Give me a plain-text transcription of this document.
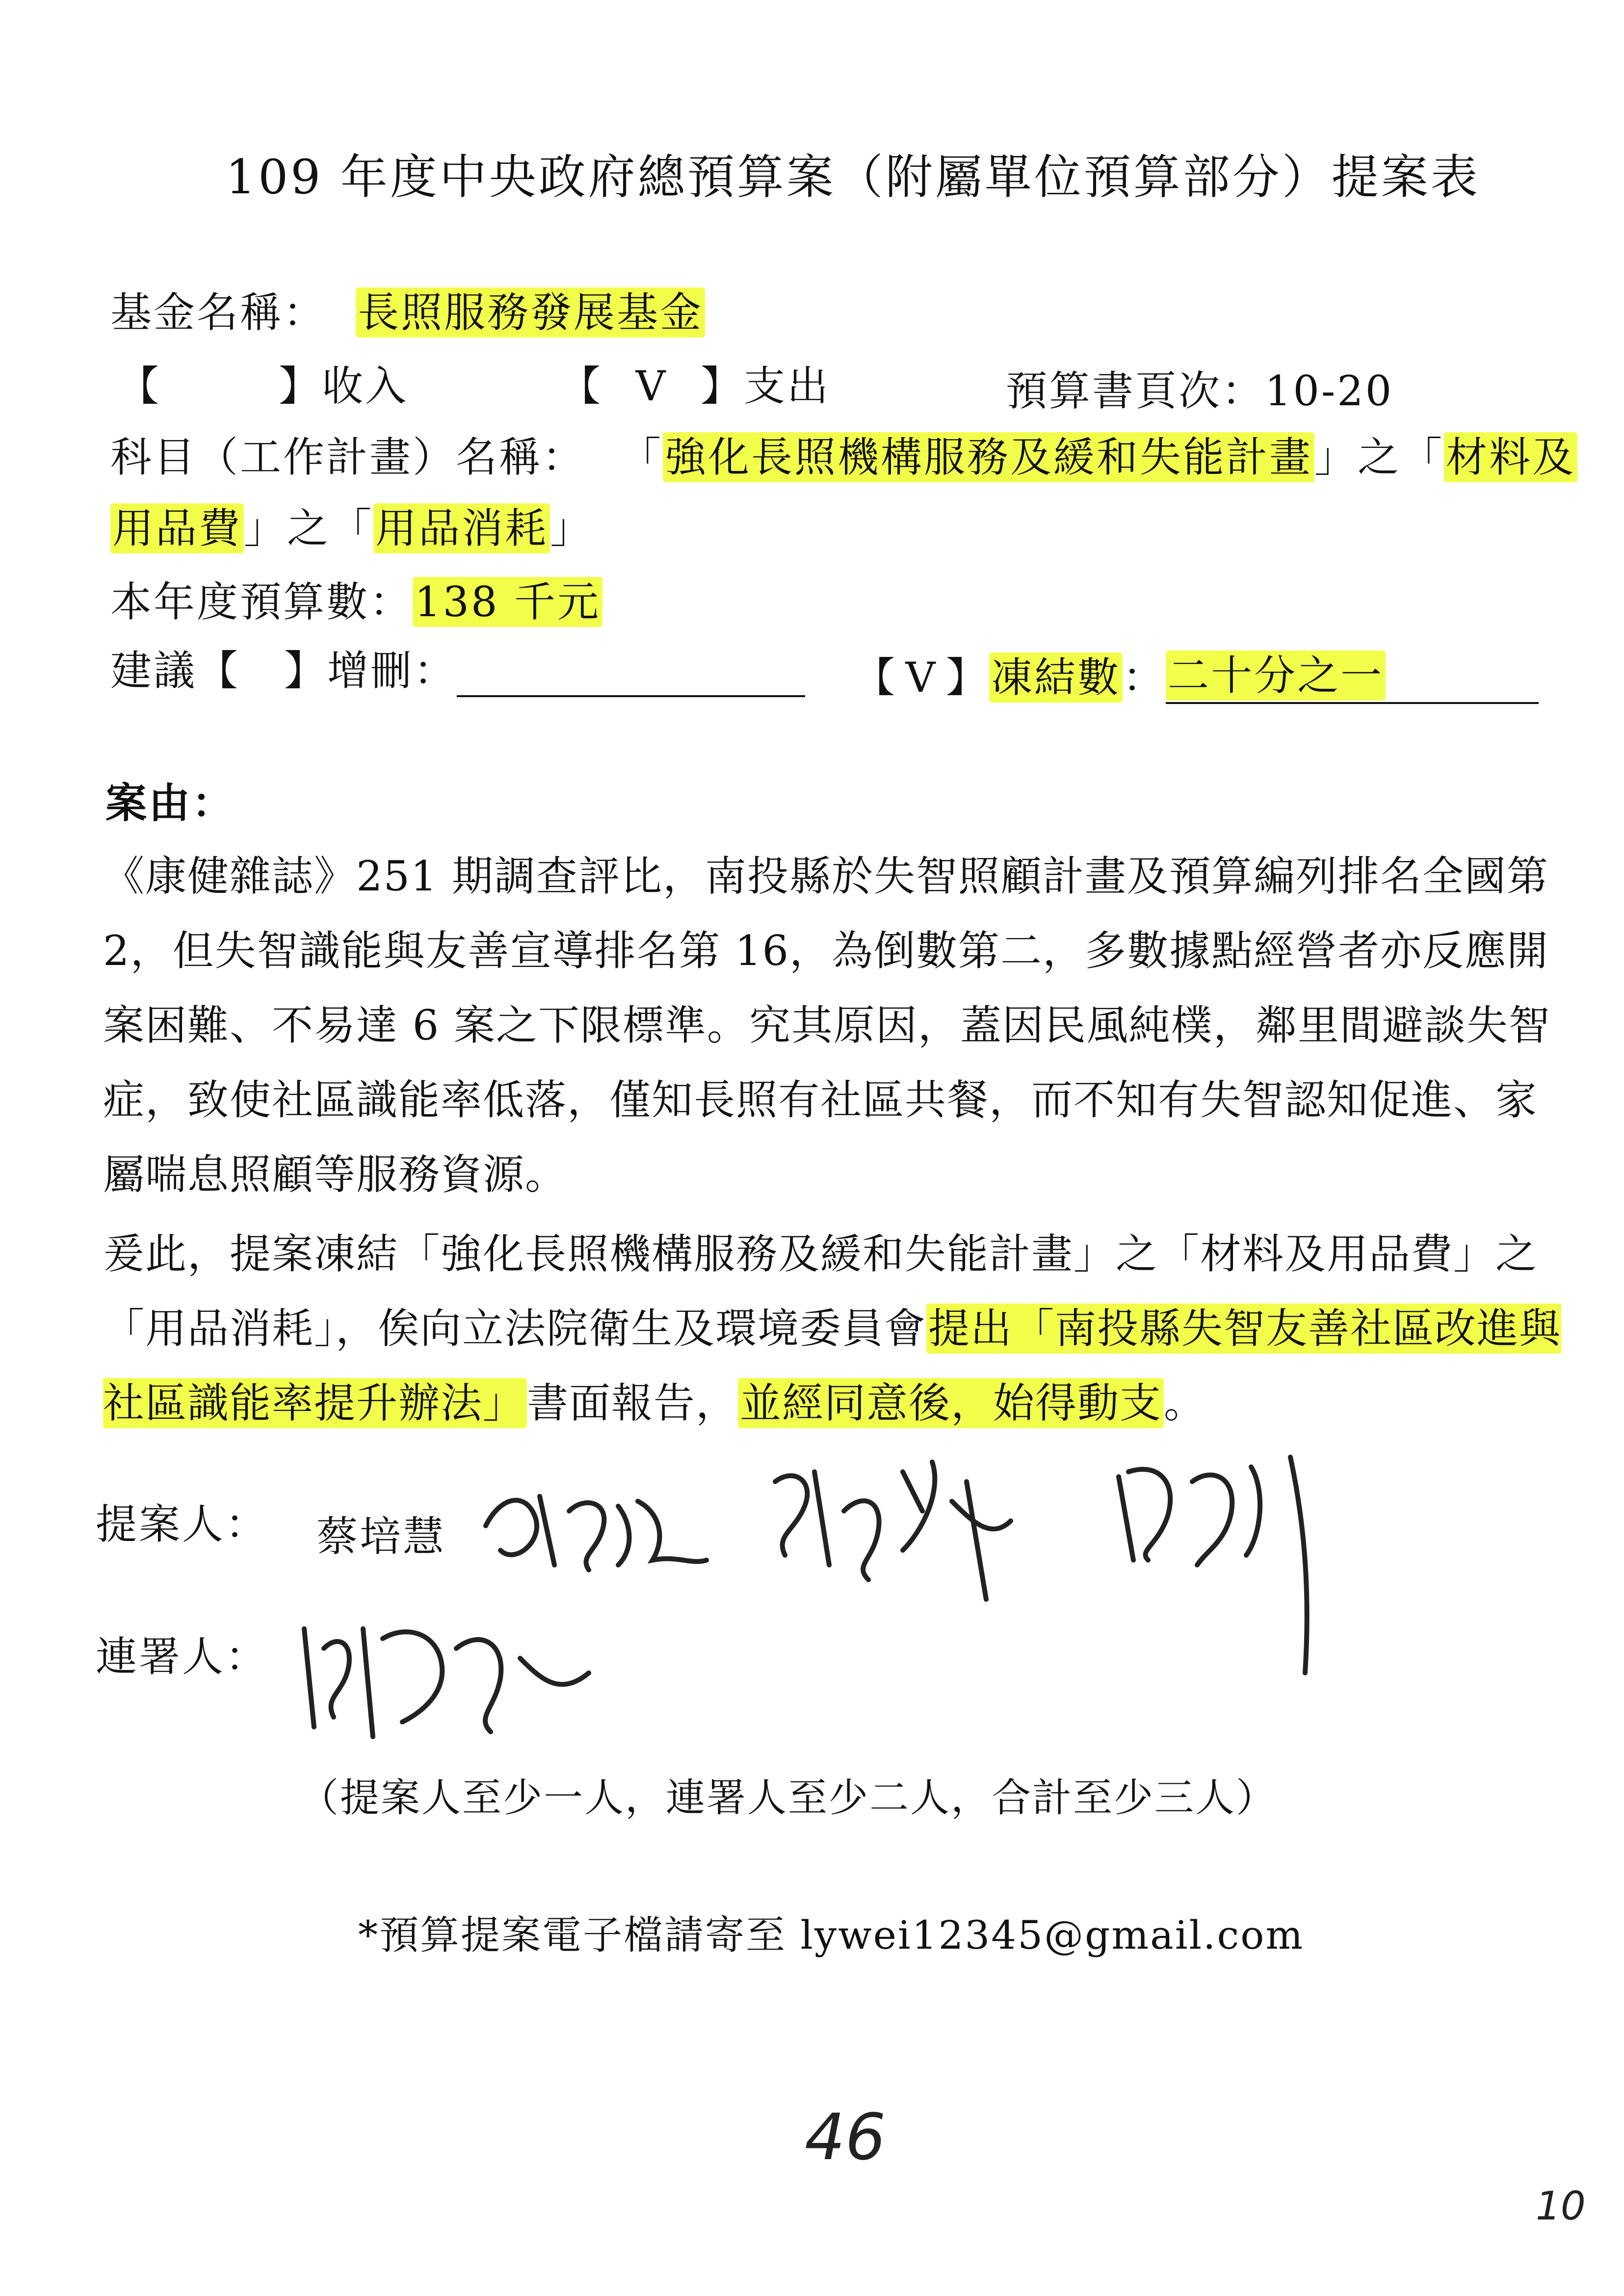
109 年度中央政府總預算案（附屬單位預算部分）提案表
基金名稱： 長照服務發展基金
【	】收入	【 V 】支出	預算書頁次：10-20
科目（工作計畫）名稱： 「強化長照機構服務及緩和失能計畫」之「材料及
用品費」之「用品消耗」
本年度預算數：138 千元
建議【 】增刪：	【 V 】凍結數：二十分之一
案由：
《康健雜誌》251 期調查評比，南投縣於失智照顧計畫及預算編列排名全國第2，但失智識能與友善宣導排名第 16，為倒數第二，多數據點經營者亦反應開案困難、不易達 6 案之下限標準。究其原因，蓋因民風純樸，鄰里間避談失智症，致使社區識能率低落，僅知長照有社區共餐，而不知有失智認知促進、家屬喘息照顧等服務資源。
爰此，提案凍結「強化長照機構服務及緩和失能計畫」之「材料及用品費」之「用品消耗」，俟向立法院衛生及環境委員會提出「南投縣失智友善社區改進與社區識能率提升辦法」書面報告，並經同意後，始得動支。
提案人： 蔡培慧
連署人：
（提案人至少一人，連署人至少二人，合計至少三人）
*預算提案電子檔請寄至 lywei12345@gmail.com
46
10
